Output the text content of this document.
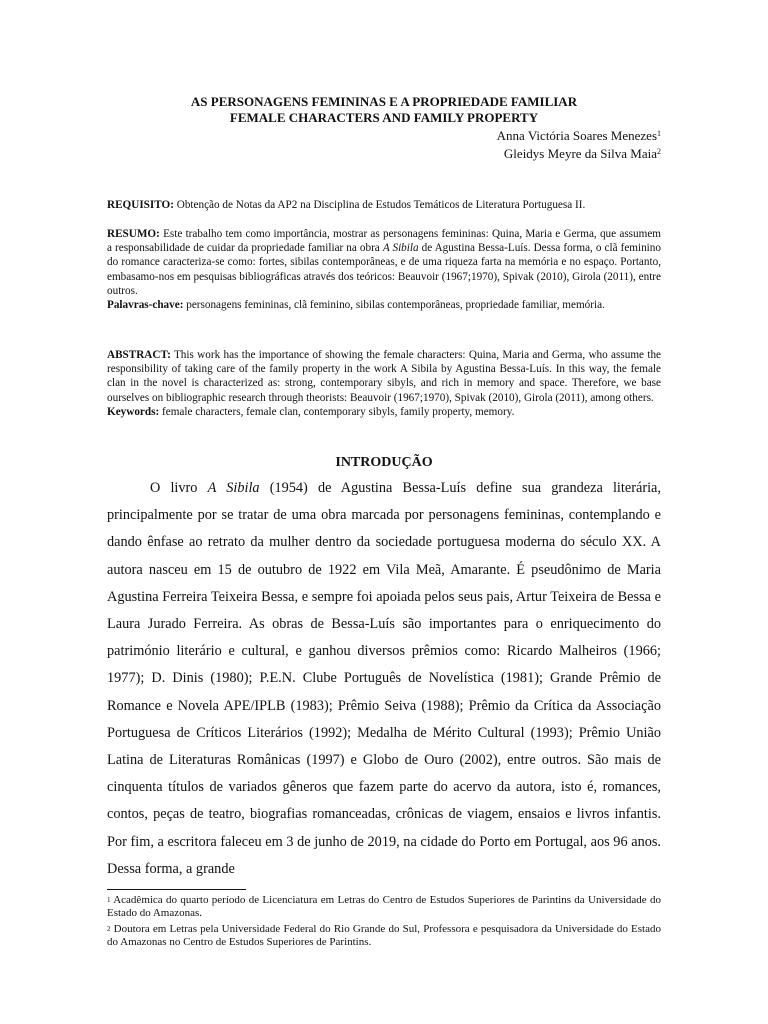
AS PERSONAGENS FEMININAS E A PROPRIEDADE FAMILIAR
FEMALE CHARACTERS AND FAMILY PROPERTY
Anna Victória Soares Menezes$^1$
Gleidys Meyre da Silva Maia$^2$
REQUISITO: Obtenção de Notas da AP2 na Disciplina de Estudos Temáticos de Literatura Portuguesa II.
RESUMO: Este trabalho tem como importância, mostrar as personagens femininas: Quina, Maria e Germa, que assumem a responsabilidade de cuidar da propriedade familiar na obra A Sibila de Agustina Bessa-Luís. Dessa forma, o clã feminino do romance caracteriza-se como: fortes, sibilas contemporâneas, e de uma riqueza farta na memória e no espaço. Portanto, embasamo-nos em pesquisas bibliográficas através dos teóricos: Beauvoir (1967;1970), Spivak (2010), Girola (2011), entre outros.
Palavras-chave: personagens femininas, clã feminino, sibilas contemporâneas, propriedade familiar, memória.
ABSTRACT: This work has the importance of showing the female characters: Quina, Maria and Germa, who assume the responsibility of taking care of the family property in the work A Sibila by Agustina Bessa-Luís. In this way, the female clan in the novel is characterized as: strong, contemporary sibyls, and rich in memory and space. Therefore, we base ourselves on bibliographic research through theorists: Beauvoir (1967;1970), Spivak (2010), Girola (2011), among others.
Keywords: female characters, female clan, contemporary sibyls, family property, memory.
INTRODUÇÃO

O livro A Sibila (1954) de Agustina Bessa-Luís define sua grandeza literária, principalmente por se tratar de uma obra marcada por personagens femininas, contemplando e dando ênfase ao retrato da mulher dentro da sociedade portuguesa moderna do século XX. A autora nasceu em 15 de outubro de 1922 em Vila Meã, Amarante. É pseudônimo de Maria Agustina Ferreira Teixeira Bessa, e sempre foi apoiada pelos seus pais, Artur Teixeira de Bessa e Laura Jurado Ferreira. As obras de Bessa-Luís são importantes para o enriquecimento do património literário e cultural, e ganhou diversos prêmios como: Ricardo Malheiros (1966; 1977); D. Dinis (1980); P.E.N. Clube Português de Novelística (1981); Grande Prêmio de Romance e Novela APE/IPLB (1983); Prêmio Seiva (1988); Prêmio da Crítica da Associação Portuguesa de Críticos Literários (1992); Medalha de Mérito Cultural (1993); Prêmio União Latina de Literaturas Românicas (1997) e Globo de Ouro (2002), entre outros. São mais de cinquenta títulos de variados gêneros que fazem parte do acervo da autora, isto é, romances, contos, peças de teatro, biografias romanceadas, crônicas de viagem, ensaios e livros infantis. Por fim, a escritora faleceu em 3 de junho de 2019, na cidade do Porto em Portugal, aos 96 anos. Dessa forma, a grande

$^1$ Acadêmica do quarto período de Licenciatura em Letras do Centro de Estudos Superiores de Parintins da Universidade do Estado do Amazonas.
$^2$ Doutora em Letras pela Universidade Federal do Rio Grande do Sul, Professora e pesquisadora da Universidade do Estado do Amazonas no Centro de Estudos Superiores de Parintins.
